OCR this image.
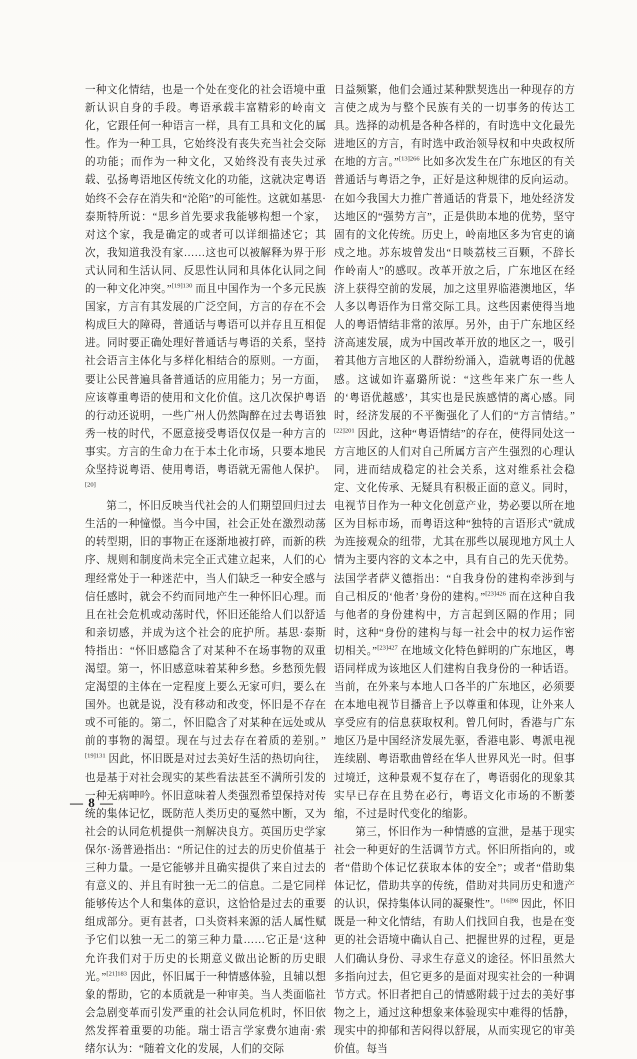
一种文化情结，也是一个处在变化的社会语境中重新认识自身的手段。粤语承载丰富精彩的岭南文化，它跟任何一种语言一样，具有工具和文化的属性。作为一种工具，它始终没有丧失充当社会交际的功能；而作为一种文化，又始终没有丧失过承载、弘扬粤语地区传统文化的功能，这就决定粤语始终不会存在消失和“沦陷”的可能性。这就如基思·泰斯特所说：“思乡首先要求我能够构想一个家，对这个家，我是确定的或者可以详细描述它；其次，我知道我没有家……这也可以被解释为界于形式认同和生活认同、反思性认同和具体化认同之间的一种文化冲突。”$^{[19]130}$ 而且中国作为一个多元民族国家，方言有其发展的广泛空间，方言的存在不会构成巨大的障碍，普通话与粤语可以并存且互相促进。同时要正确处理好普通话与粤语的关系，坚持社会语言主体化与多样化相结合的原则。一方面，要让公民普遍具备普通话的应用能力；另一方面，应该尊重粤语的使用和文化价值。这几次保护粤语的行动还说明，一些广州人仍然陶醉在过去粤语独秀一枝的时代，不愿意接受粤语仅仅是一种方言的事实。方言的生命力在于本土化市场，只要本地民众坚持说粤语、使用粤语，粤语就无需他人保护。[20]

第二，怀旧反映当代社会的人们期望回归过去生活的一种憧憬。当今中国，社会正处在激烈动荡的转型期，旧的事物正在逐渐地被打碎，而新的秩序、规则和制度尚未完全正式建立起来，人们的心理经常处于一种迷茫中，当人们缺乏一种安全感与信任感时，就会不约而同地产生一种怀旧心理。而且在社会危机或动荡时代，怀旧还能给人们以舒适和亲切感，并成为这个社会的庇护所。基思·泰斯特指出：“怀旧感隐含了对某种不在场事物的双重渴望。第一，怀旧感意味着某种乡愁。乡愁预先假定渴望的主体在一定程度上要么无家可归，要么在国外。也就是说，没有移动和改变，怀旧是不存在或不可能的。第二，怀旧隐含了对某种在远处或从前的事物的渴望。现在与过去存在着质的差别。”$^{[19]131}$ 因此，怀旧既是对过去美好生活的热切向往，也是基于对社会现实的某些看法甚至不满所引发的一种无病呻吟。怀旧意味着人类强烈希望保持对传统的集体记忆，既防范人类历史的戛然中断，又为社会的认同危机提供一剂解决良方。英国历史学家保尔·汤普逊指出：“所记住的过去的历史价值基于三种力量。一是它能够并且确实提供了来自过去的有意义的、并且有时独一无二的信息。二是它同样能够传达个人和集体的意识，这恰恰是过去的重要组成部分。更有甚者，口头资料来源的活人属性赋予它们以独一无二的第三种力量……它正是‘这种允许我们对于历史的长期意义做出论断的历史眼光。”$^{[21]183}$ 因此，怀旧属于一种情感体验，且辅以想象的帮助，它的本质就是一种审美。当人类面临社会急剧变革而引发严重的社会认同危机时，怀旧依然发挥着重要的功能。瑞士语言学家费尔迪南·索绪尔认为：“随着文化的发展，人们的交际

日益频繁，他们会通过某种默契选出一种现存的方言使之成为与整个民族有关的一切事务的传达工具。选择的动机是各种各样的，有时选中文化最先进地区的方言，有时选中政治领导权和中央政权所在地的方言。”$^{[13]266}$ 比如多次发生在广东地区的有关普通话与粤语之争，正好是这种规律的反向运动。在如今我国大力推广普通话的背景下，地处经济发达地区的“强势方言”，正是供助本地的优势，坚守固有的文化传统。历史上，岭南地区多为官吏的谪戍之地。苏东坡曾发出“日啖荔枝三百颗，不辞长作岭南人”的感叹。改革开放之后，广东地区在经济上获得空前的发展，加之这里界临港澳地区，华人多以粤语作为日常交际工具。这些因素使得当地人的粤语情结非常的浓厚。另外，由于广东地区经济高速发展，成为中国改革开放的地区之一，吸引着其他方言地区的人群纷纷涌入，造就粤语的优越感。这诚如许嘉璐所说：“这些年来广东一些人的‘粤语优越感’，其实也是民族感情的离心感。同时，经济发展的不平衡强化了人们的“方言情结。”$^{[22]201}$ 因此，这种“粤语情结”的存在，使得同处这一方言地区的人们对自己所属方言产生强烈的心理认同，进而结成稳定的社会关系，这对维系社会稳定、文化传承、无疑具有积极正面的意义。同时，电视节目作为一种文化创意产业，势必要以所在地区为目标市场，而粤语这种“独特的言语形式”就成为连接观众的纽带，尤其在那些以展现地方风土人情为主要内容的文本之中，具有自己的先天优势。法国学者萨义德指出：“自我身份的建构牵涉到与自己相反的‘他者’身份的建构。”$^{[23]426}$ 而在这种自我与他者的身份建构中，方言起到区隔的作用；同时，这种“身份的建构与每一社会中的权力运作密切相关。”$^{[23]427}$ 在地域文化特色鲜明的广东地区，粤语同样成为该地区人们建构自我身份的一种话语。当前，在外来与本地人口各半的广东地区，必须要在本地电视节目播音上予以尊重和体现，让外来人享受应有的信息获取权利。曾几何时，香港与广东地区乃是中国经济发展先驱，香港电影、粤派电视连续剧、粤语歌曲曾经在华人世界风光一时。但事过境迁，这种景观不复存在了，粤语弱化的现象其实早已存在且势在必行，粤语文化市场的不断萎缩，不过是时代变化的缩影。

第三，怀旧作为一种情感的宣泄，是基于现实社会一种更好的生活调节方式。怀旧所指向的，或者“借助个体记忆获取本体的安全”；或者“借助集体记忆，借助共享的传统，借助对共同历史和遗产的认识，保持集体认同的凝聚性”。$^{[16]98}$ 因此，怀旧既是一种文化情结，有助人们找回自我，也是在变更的社会语境中确认自己、把握世界的过程，更是人们确认身份、寻求生存意义的途径。怀旧虽然大多指向过去，但它更多的是面对现实社会的一种调节方式。怀旧者把自己的情感附载于过去的美好事物之上，通过这种想象来体验现实中难得的恬静，现实中的抑郁和苦闷得以舒展，从而实现它的审美价值。每当

— 8 —
